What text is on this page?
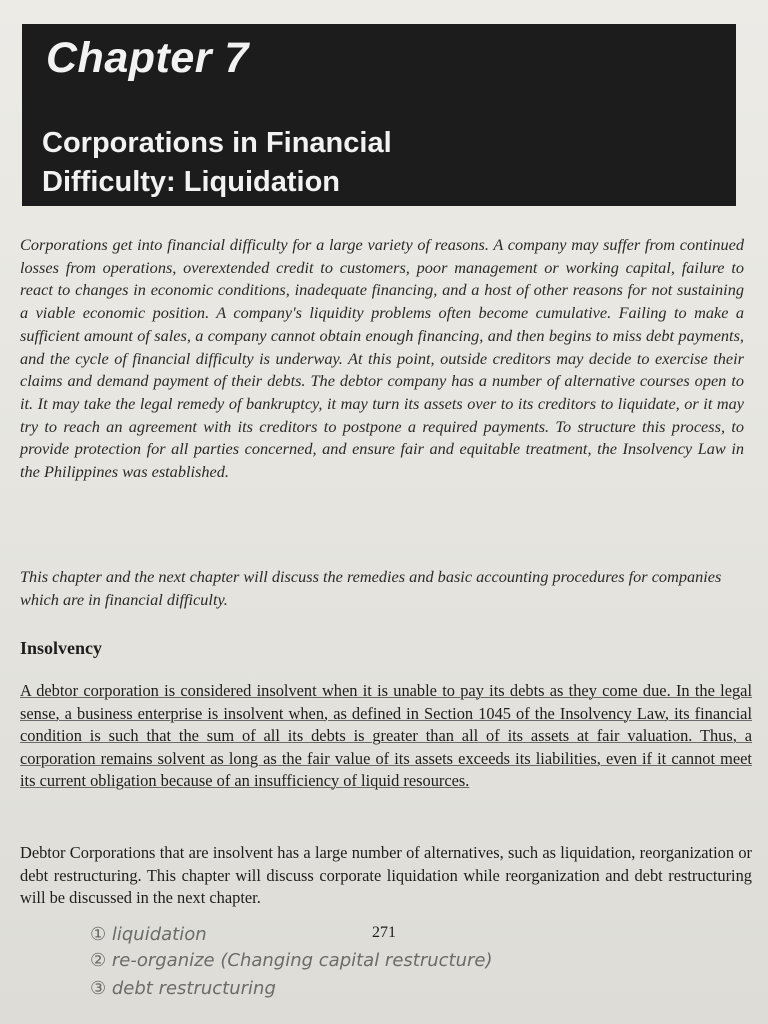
Chapter 7
Corporations in Financial
Difficulty: Liquidation

Corporations get into financial difficulty for a large variety of reasons. A company may suffer from continued losses from operations, overextended credit to customers, poor management or working capital, failure to react to changes in economic conditions, inadequate financing, and a host of other reasons for not sustaining a viable economic position. A company's liquidity problems often become cumulative. Failing to make a sufficient amount of sales, a company cannot obtain enough financing, and then begins to miss debt payments, and the cycle of financial difficulty is underway. At this point, outside creditors may decide to exercise their claims and demand payment of their debts. The debtor company has a number of alternative courses open to it. It may take the legal remedy of bankruptcy, it may turn its assets over to its creditors to liquidate, or it may try to reach an agreement with its creditors to postpone a required payments. To structure this process, to provide protection for all parties concerned, and ensure fair and equitable treatment, the Insolvency Law in the Philippines was established.

This chapter and the next chapter will discuss the remedies and basic accounting procedures for companies which are in financial difficulty.

Insolvency

A debtor corporation is considered insolvent when it is unable to pay its debts as they come due. In the legal sense, a business enterprise is insolvent when, as defined in Section 1045 of the Insolvency Law, its financial condition is such that the sum of all its debts is greater than all of its assets at fair valuation. Thus, a corporation remains solvent as long as the fair value of its assets exceeds its liabilities, even if it cannot meet its current obligation because of an insufficiency of liquid resources.

Debtor Corporations that are insolvent has a large number of alternatives, such as liquidation, reorganization or debt restructuring. This chapter will discuss corporate liquidation while reorganization and debt restructuring will be discussed in the next chapter.

271
① liquidation
② re-organize (Changing capital restructure)
③ debt restructuring
